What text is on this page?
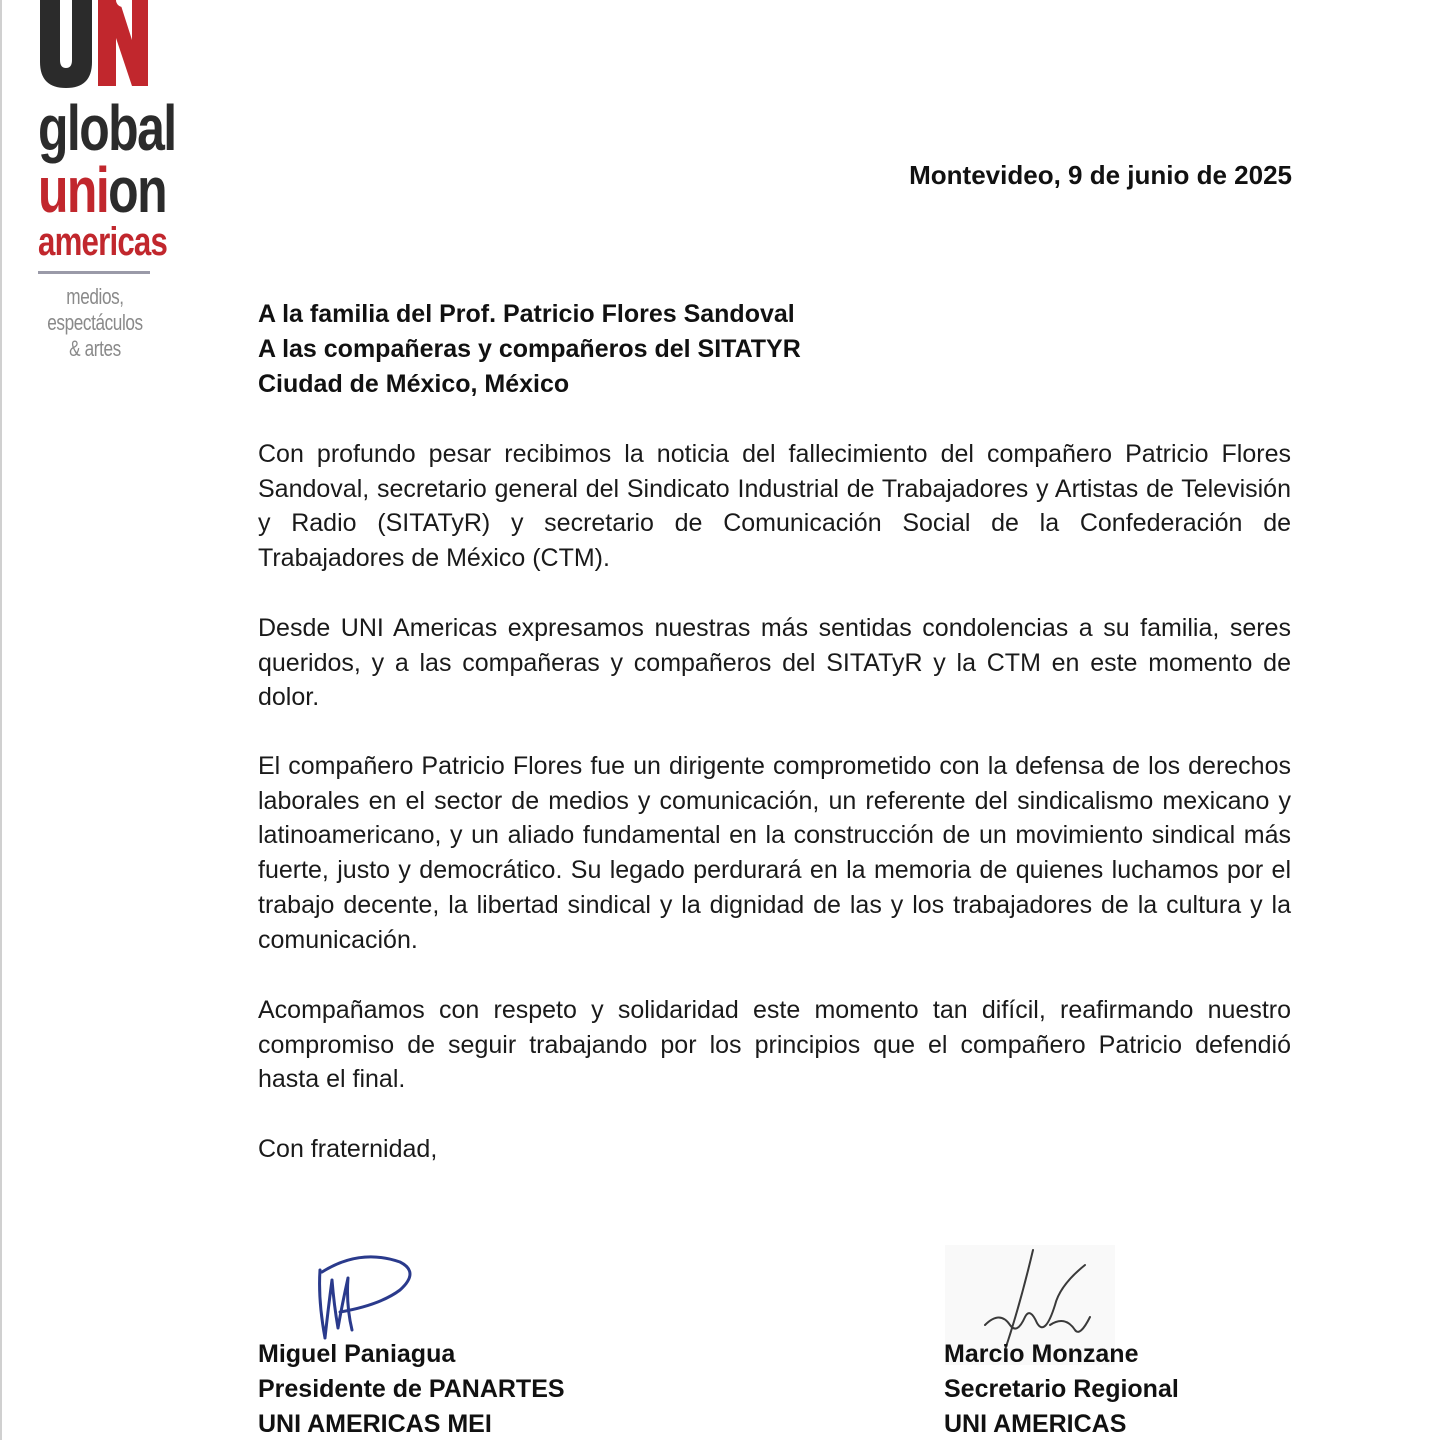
global
union
americas
medios,
espectáculos
& artes
Montevideo, 9 de junio de 2025
A la familia del Prof. Patricio Flores Sandoval
A las compañeras y compañeros del SITATYR
Ciudad de México, México

Con profundo pesar recibimos la noticia del fallecimiento del compañero Patricio Flores Sandoval, secretario general del Sindicato Industrial de Trabajadores y Artistas de Televisión y Radio (SITATyR) y secretario de Comunicación Social de la Confederación de Trabajadores de México (CTM).

Desde UNI Americas expresamos nuestras más sentidas condolencias a su familia, seres queridos, y a las compañeras y compañeros del SITATyR y la CTM en este momento de dolor.

El compañero Patricio Flores fue un dirigente comprometido con la defensa de los derechos laborales en el sector de medios y comunicación, un referente del sindicalismo mexicano y latinoamericano, y un aliado fundamental en la construcción de un movimiento sindical más fuerte, justo y democrático. Su legado perdurará en la memoria de quienes luchamos por el trabajo decente, la libertad sindical y la dignidad de las y los trabajadores de la cultura y la comunicación.

Acompañamos con respeto y solidaridad este momento tan difícil, reafirmando nuestro compromiso de seguir trabajando por los principios que el compañero Patricio defendió hasta el final.

Con fraternidad,

Miguel Paniagua
Presidente de PANARTES
UNI AMERICAS MEI
Marcio Monzane
Secretario Regional
UNI AMERICAS
